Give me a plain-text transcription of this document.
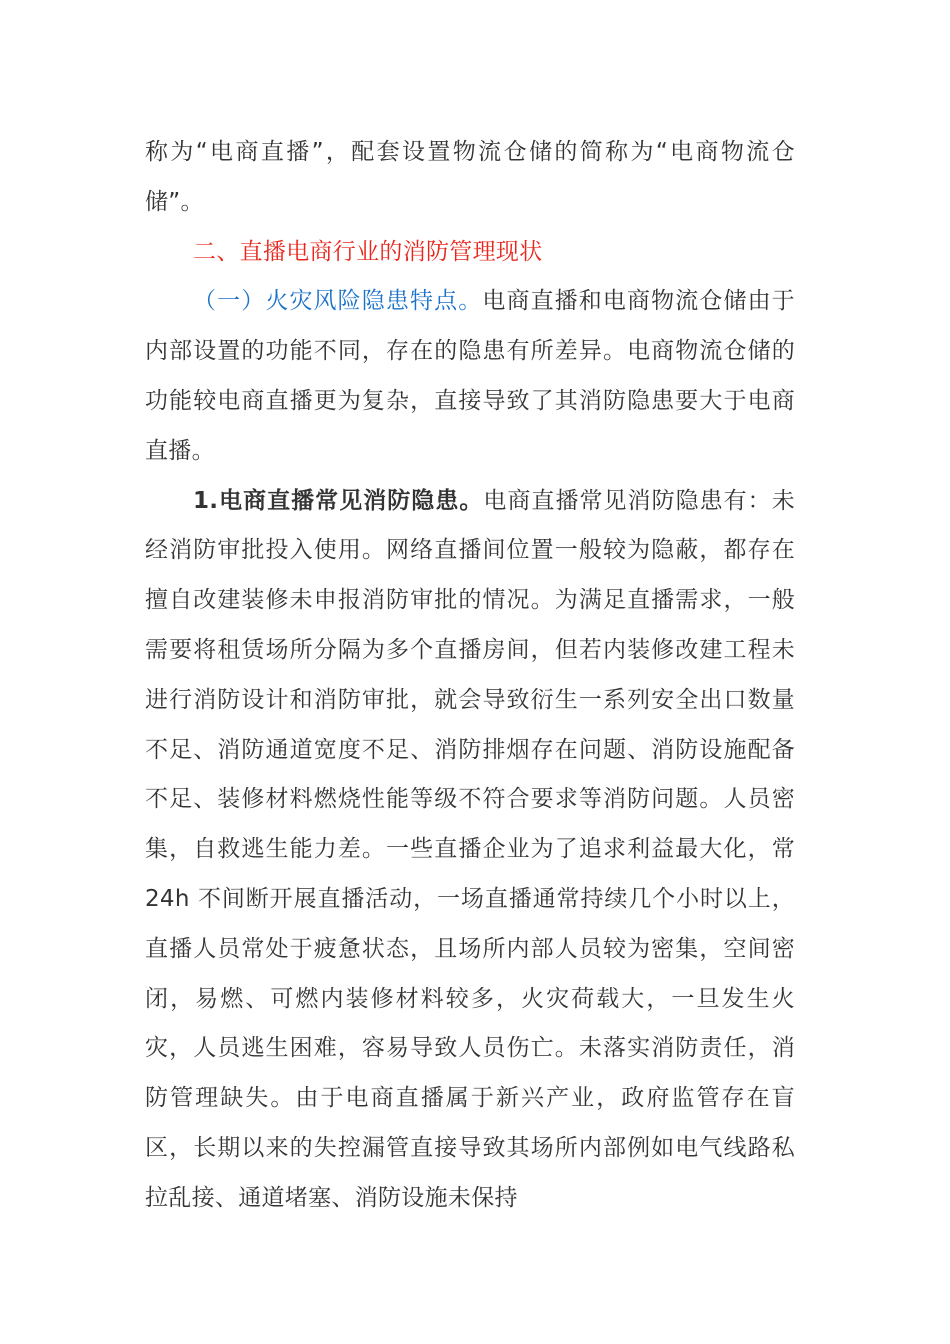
称为“电商直播”，配套设置物流仓储的简称为“电商物流仓储”。

二、直播电商行业的消防管理现状

（一）火灾风险隐患特点。电商直播和电商物流仓储由于内部设置的功能不同，存在的隐患有所差异。电商物流仓储的功能较电商直播更为复杂，直接导致了其消防隐患要大于电商直播。

1.电商直播常见消防隐患。电商直播常见消防隐患有：未经消防审批投入使用。网络直播间位置一般较为隐蔽，都存在擅自改建装修未申报消防审批的情况。为满足直播需求，一般需要将租赁场所分隔为多个直播房间，但若内装修改建工程未进行消防设计和消防审批，就会导致衍生一系列安全出口数量不足、消防通道宽度不足、消防排烟存在问题、消防设施配备不足、装修材料燃烧性能等级不符合要求等消防问题。人员密集，自救逃生能力差。一些直播企业为了追求利益最大化，常 24h 不间断开展直播活动，一场直播通常持续几个小时以上，直播人员常处于疲惫状态，且场所内部人员较为密集，空间密闭，易燃、可燃内装修材料较多，火灾荷载大，一旦发生火灾，人员逃生困难，容易导致人员伤亡。未落实消防责任，消防管理缺失。由于电商直播属于新兴产业，政府监管存在盲区，长期以来的失控漏管直接导致其场所内部例如电气线路私拉乱接、通道堵塞、消防设施未保持
